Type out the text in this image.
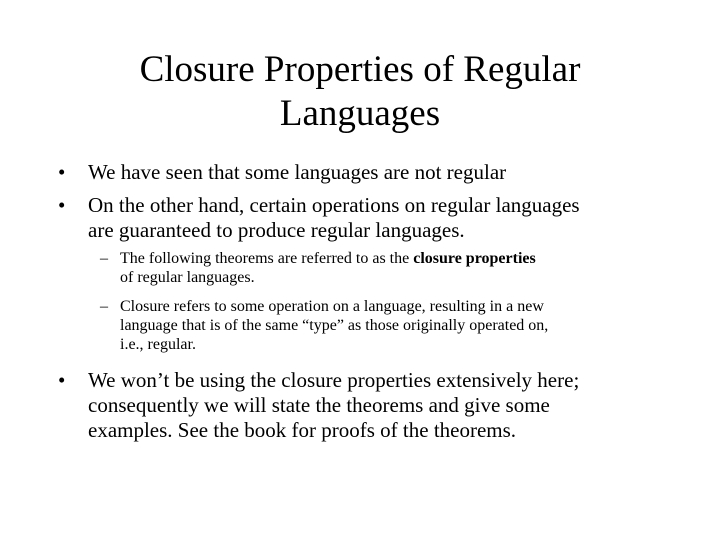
Closure Properties of Regular
Languages
• We have seen that some languages are not regular
• On the other hand, certain operations on regular languages
are guaranteed to produce regular languages.
– The following theorems are referred to as the closure properties
of regular languages.
– Closure refers to some operation on a language, resulting in a new
language that is of the same “type” as those originally operated on,
i.e., regular.
• We won’t be using the closure properties extensively here;
consequently we will state the theorems and give some
examples. See the book for proofs of the theorems.
